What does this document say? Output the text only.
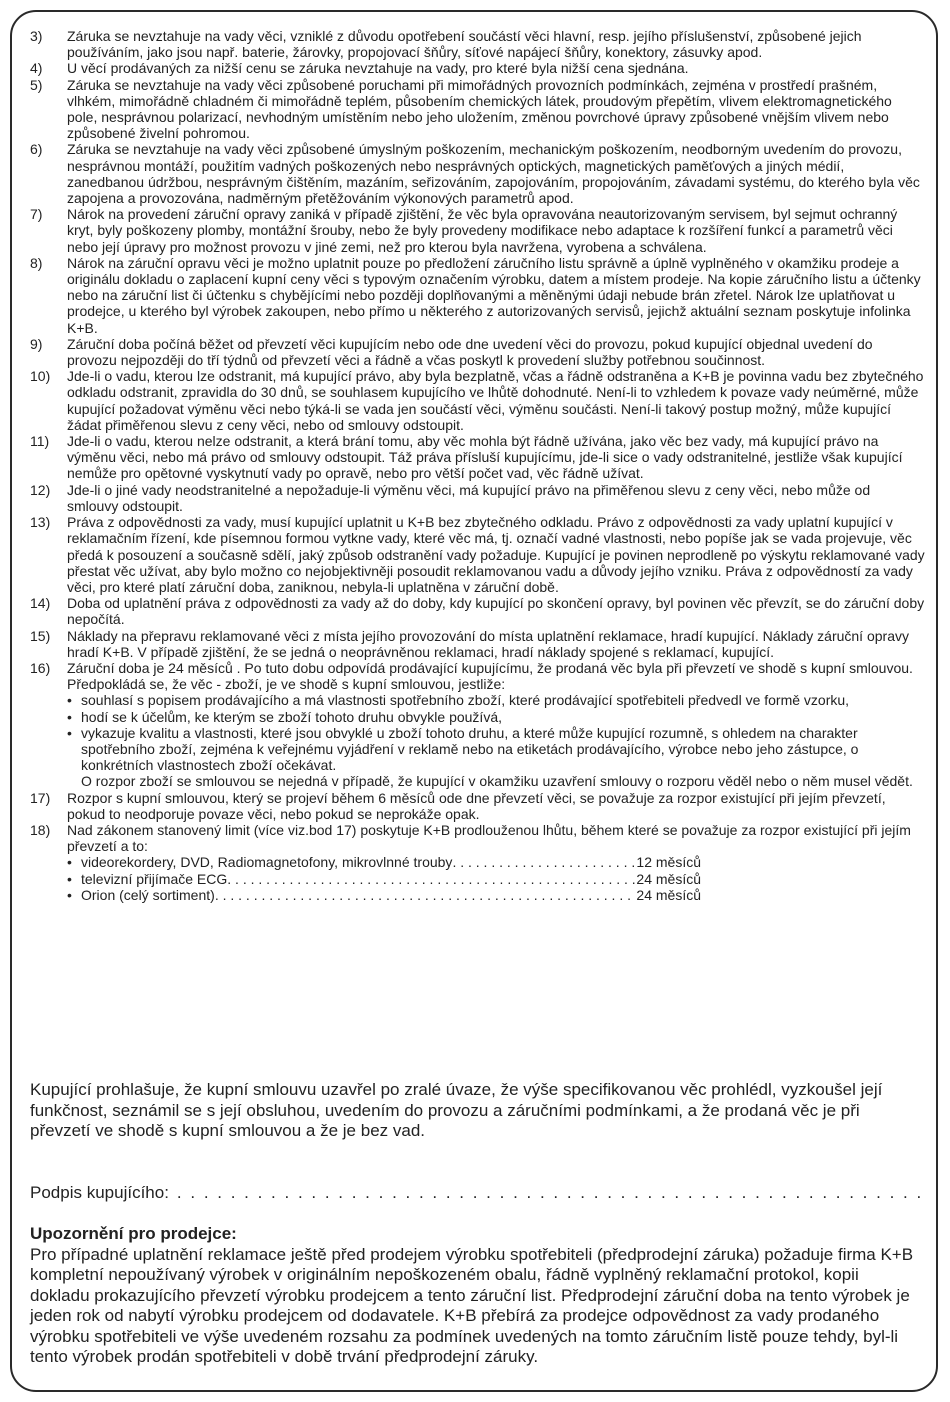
3)	Záruka se nevztahuje na vady věci, vzniklé z důvodu opotřebení součástí věci hlavní, resp. jejího příslušenství, způsobené jejich používáním, jako jsou např. baterie, žárovky, propojovací šňůry, síťové napájecí šňůry, konektory, zásuvky apod.
4)	U věcí prodávaných za nižší cenu se záruka nevztahuje na vady, pro které byla nižší cena sjednána.
5)	Záruka se nevztahuje na vady věci způsobené poruchami při mimořádných provozních podmínkách, zejména v prostředí prašném, vlhkém, mimořádně chladném či mimořádně teplém, působením chemických látek, proudovým přepětím, vlivem elektromagnetického pole, nesprávnou polarizací, nevhodným umístěním nebo jeho uložením, změnou povrchové úpravy způsobené vnějším vlivem nebo způsobené živelní pohromou.
6)	Záruka se nevztahuje na vady věci způsobené úmyslným poškozením, mechanickým poškozením, neodborným uvedením do provozu, nesprávnou montáží, použitím vadných poškozených nebo nesprávných optických, magnetických paměťových a jiných médií, zanedbanou údržbou, nesprávným čištěním, mazáním, seřizováním, zapojováním, propojováním, závadami systému, do kterého byla věc zapojena a provozována, nadměrným přetěžováním výkonových parametrů apod.
7)	Nárok na provedení záruční opravy zaniká v případě zjištění, že věc byla opravována neautorizovaným servisem, byl sejmut ochranný kryt, byly poškozeny plomby, montážní šrouby, nebo že byly provedeny modifikace nebo adaptace k rozšíření funkcí a parametrů věci nebo její úpravy pro možnost provozu v jiné zemi, než pro kterou byla navržena, vyrobena a schválena.
8)	Nárok na záruční opravu věci je možno uplatnit pouze po předložení záručního listu správně a úplně vyplněného v okamžiku prodeje a originálu dokladu o zaplacení kupní ceny věci s typovým označením výrobku, datem a místem prodeje. Na kopie záručního listu a účtenky nebo na záruční list či účtenku s chybějícími nebo později doplňovanými a měněnými údaji nebude brán zřetel. Nárok lze uplatňovat u prodejce, u kterého byl výrobek zakoupen, nebo přímo u některého z autorizovaných servisů, jejichž aktuální seznam poskytuje infolinka K+B.
9)	Záruční doba počíná běžet od převzetí věci kupujícím nebo ode dne uvedení věci do provozu, pokud kupující objednal uvedení do provozu nejpozději do tří týdnů od převzetí věci a řádně a včas poskytl k provedení služby potřebnou součinnost.
10)	Jde-li o vadu, kterou lze odstranit, má kupující právo, aby byla bezplatně, včas a řádně odstraněna a K+B je povinna vadu bez zbytečného odkladu odstranit, zpravidla do 30 dnů, se souhlasem kupujícího ve lhůtě dohodnuté. Není-li to vzhledem k povaze vady neúměrné, může kupující požadovat výměnu věci nebo týká-li se vada jen součástí věci, výměnu součásti. Není-li takový postup možný, může kupující žádat přiměřenou slevu z ceny věci, nebo od smlouvy odstoupit.
11)	Jde-li o vadu, kterou nelze odstranit, a která brání tomu, aby věc mohla být řádně užívána, jako věc bez vady, má kupující právo na výměnu věci, nebo má právo od smlouvy odstoupit. Táž práva přísluší kupujícímu, jde-li sice o vady odstranitelné, jestliže však kupující nemůže pro opětovné vyskytnutí vady po opravě, nebo pro větší počet vad, věc řádně užívat.
12)	Jde-li o jiné vady neodstranitelné a nepožaduje-li výměnu věci, má kupující právo na přiměřenou slevu z ceny věci, nebo může od smlouvy odstoupit.
13)	Práva z odpovědnosti za vady, musí kupující uplatnit u K+B bez zbytečného odkladu. Právo z odpovědnosti za vady uplatní kupující v reklamačním řízení, kde písemnou formou vytkne vady, které věc má, tj. označí vadné vlastnosti, nebo popíše jak se vada projevuje, věc předá k posouzení a současně sdělí, jaký způsob odstranění vady požaduje. Kupující je povinen neprodleně po výskytu reklamované vady přestat věc užívat, aby bylo možno co nejobjektivněji posoudit reklamovanou vadu a důvody jejího vzniku. Práva z odpovědností za vady věci, pro které platí záruční doba, zaniknou, nebyla-li uplatněna v záruční době.
14)	Doba od uplatnění práva z odpovědnosti za vady až do doby, kdy kupující po skončení opravy, byl povinen věc převzít, se do záruční doby nepočítá.
15)	Náklady na přepravu reklamované věci z místa jejího provozování do místa uplatnění reklamace, hradí kupující. Náklady záruční opravy hradí K+B. V případě zjištění, že se jedná o neoprávněnou reklamaci, hradí náklady spojené s reklamací, kupující.
16)	Záruční doba je 24 měsíců . Po tuto dobu odpovídá prodávající kupujícímu, že prodaná věc byla při převzetí ve shodě s kupní smlouvou. Předpokládá se, že věc - zboží, je ve shodě s kupní smlouvou, jestliže:
• souhlasí s popisem prodávajícího a má vlastnosti spotřebního zboží, které prodávající spotřebiteli předvedl ve formě vzorku,
• hodí se k účelům, ke kterým se zboží tohoto druhu obvykle používá,
• vykazuje kvalitu a vlastnosti, které jsou obvyklé u zboží tohoto druhu, a které může kupující rozumně, s ohledem na charakter spotřebního zboží, zejména k veřejnému vyjádření v reklamě nebo na etiketách prodávajícího, výrobce nebo jeho zástupce, o konkrétních vlastnostech zboží očekávat.
O rozpor zboží se smlouvou se nejedná v případě, že kupující v okamžiku uzavření smlouvy o rozporu věděl nebo o něm musel vědět.
17)	Rozpor s kupní smlouvou, který se projeví během 6 měsíců ode dne převzetí věci, se považuje za rozpor existující při jejím převzetí, pokud to neodporuje povaze věci, nebo pokud se neprokáže opak.
18)	Nad zákonem stanovený limit (více viz.bod 17) poskytuje K+B prodlouženou lhůtu, během které se považuje za rozpor existující při jejím převzetí a to:
• videorekordery, DVD, Radiomagnetofony, mikrovlnné trouby . . .	12 měsíců
• televizní přijímače ECG . . .	24 měsíců
• Orion (celý sortiment) . . .	24 měsíců
Kupující prohlašuje, že kupní smlouvu uzavřel po zralé úvaze, že výše specifikovanou věc prohlédl, vyzkoušel její funkčnost, seznámil se s její obsluhou, uvedením do provozu a záručními podmínkami, a že prodaná věc je při převzetí ve shodě s kupní smlouvou a že je bez vad.
Podpis kupujícího:
. . .
Upozornění pro prodejce:

Pro případné uplatnění reklamace ještě před prodejem výrobku spotřebiteli (předprodejní záruka) požaduje firma K+B kompletní nepoužívaný výrobek v originálním nepoškozeném obalu, řádně vyplněný reklamační protokol, kopii dokladu prokazujícího převzetí výrobku prodejcem a tento záruční list. Předprodejní záruční doba na tento výrobek je jeden rok od nabytí výrobku prodejcem od dodavatele. K+B přebírá za prodejce odpovědnost za vady prodaného výrobku spotřebiteli ve výše uvedeném rozsahu za podmínek uvedených na tomto záručním listě pouze tehdy, byl-li tento výrobek prodán spotřebiteli v době trvání předprodejní záruky.
